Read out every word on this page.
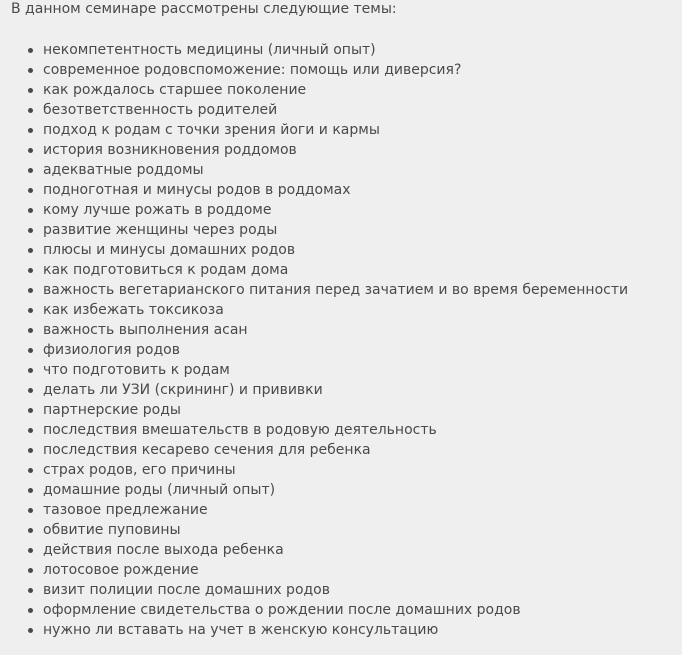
В данном семинаре рассмотрены следующие темы:

некомпетентность медицины (личный опыт)
современное родовспоможение: помощь или диверсия?
как рождалось старшее поколение
безответственность родителей
подход к родам с точки зрения йоги и кармы
история возникновения роддомов
адекватные роддомы
подноготная и минусы родов в роддомах
кому лучше рожать в роддоме
развитие женщины через роды
плюсы и минусы домашних родов
как подготовиться к родам дома
важность вегетарианского питания перед зачатием и во время беременности
как избежать токсикоза
важность выполнения асан
физиология родов
что подготовить к родам
делать ли УЗИ (скрининг) и прививки
партнерские роды
последствия вмешательств в родовую деятельность
последствия кесарево сечения для ребенка
страх родов, его причины
домашние роды (личный опыт)
тазовое предлежание
обвитие пуповины
действия после выхода ребенка
лотосовое рождение
визит полиции после домашних родов
оформление свидетельства о рождении после домашних родов
нужно ли вставать на учет в женскую консультацию
